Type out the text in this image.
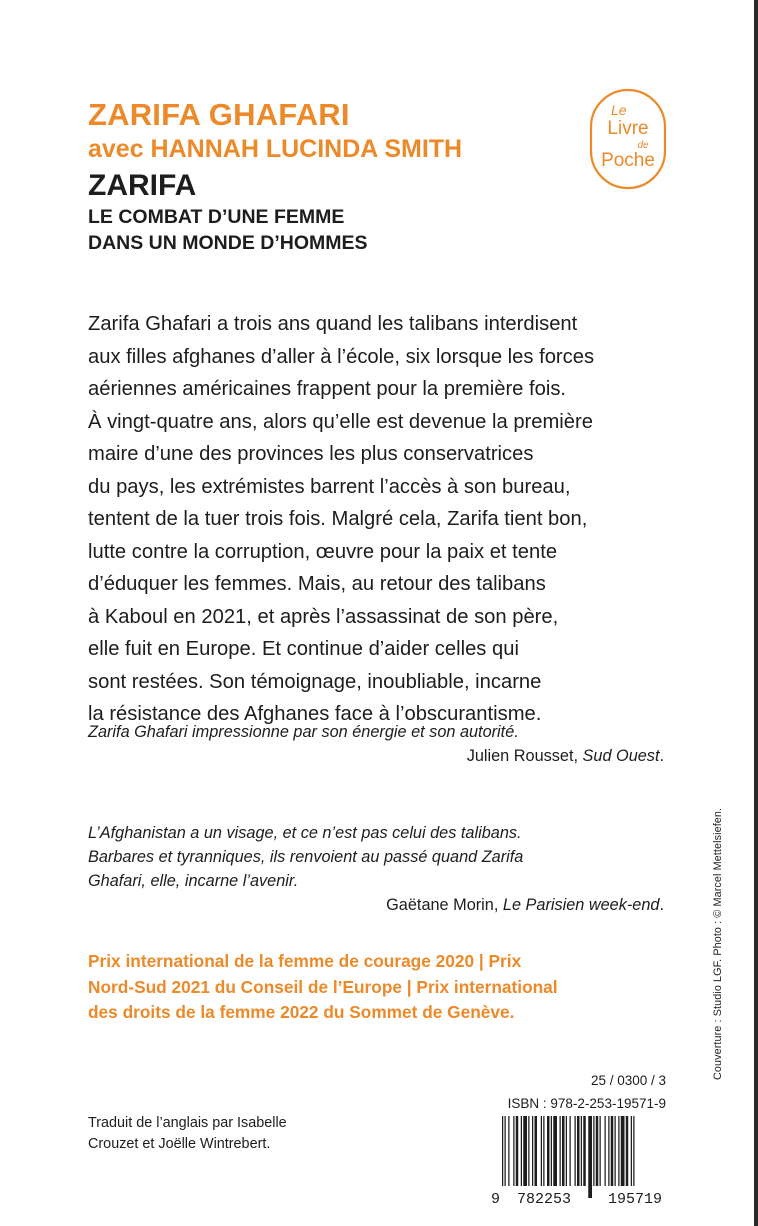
ZARIFA GHAFARI
avec HANNAH LUCINDA SMITH
ZARIFA
LE COMBAT D’UNE FEMME
DANS UN MONDE D’HOMMES
Le
Livre
de
Poche
Zarifa Ghafari a trois ans quand les talibans interdisent
aux filles afghanes d’aller à l’école, six lorsque les forces
aériennes américaines frappent pour la première fois.
À vingt-quatre ans, alors qu’elle est devenue la première
maire d’une des provinces les plus conservatrices
du pays, les extrémistes barrent l’accès à son bureau,
tentent de la tuer trois fois. Malgré cela, Zarifa tient bon,
lutte contre la corruption, œuvre pour la paix et tente
d’éduquer les femmes. Mais, au retour des talibans
à Kaboul en 2021, et après l’assassinat de son père,
elle fuit en Europe. Et continue d’aider celles qui
sont restées. Son témoignage, inoubliable, incarne
la résistance des Afghanes face à l’obscurantisme.
Zarifa Ghafari impressionne par son énergie et son autorité.
Julien Rousset, Sud Ouest.
L’Afghanistan a un visage, et ce n’est pas celui des talibans.
Barbares et tyranniques, ils renvoient au passé quand Zarifa
Ghafari, elle, incarne l’avenir.
Gaëtane Morin, Le Parisien week-end.
Prix international de la femme de courage 2020 | Prix
Nord-Sud 2021 du Conseil de l’Europe | Prix international
des droits de la femme 2022 du Sommet de Genève.
25 / 0300 / 3
ISBN : 978-2-253-19571-9
Traduit de l’anglais par Isabelle
Crouzet et Joëlle Wintrebert.
9 782253 195719
Couverture : Studio LGF. Photo : © Marcel Mettelsiefen.
